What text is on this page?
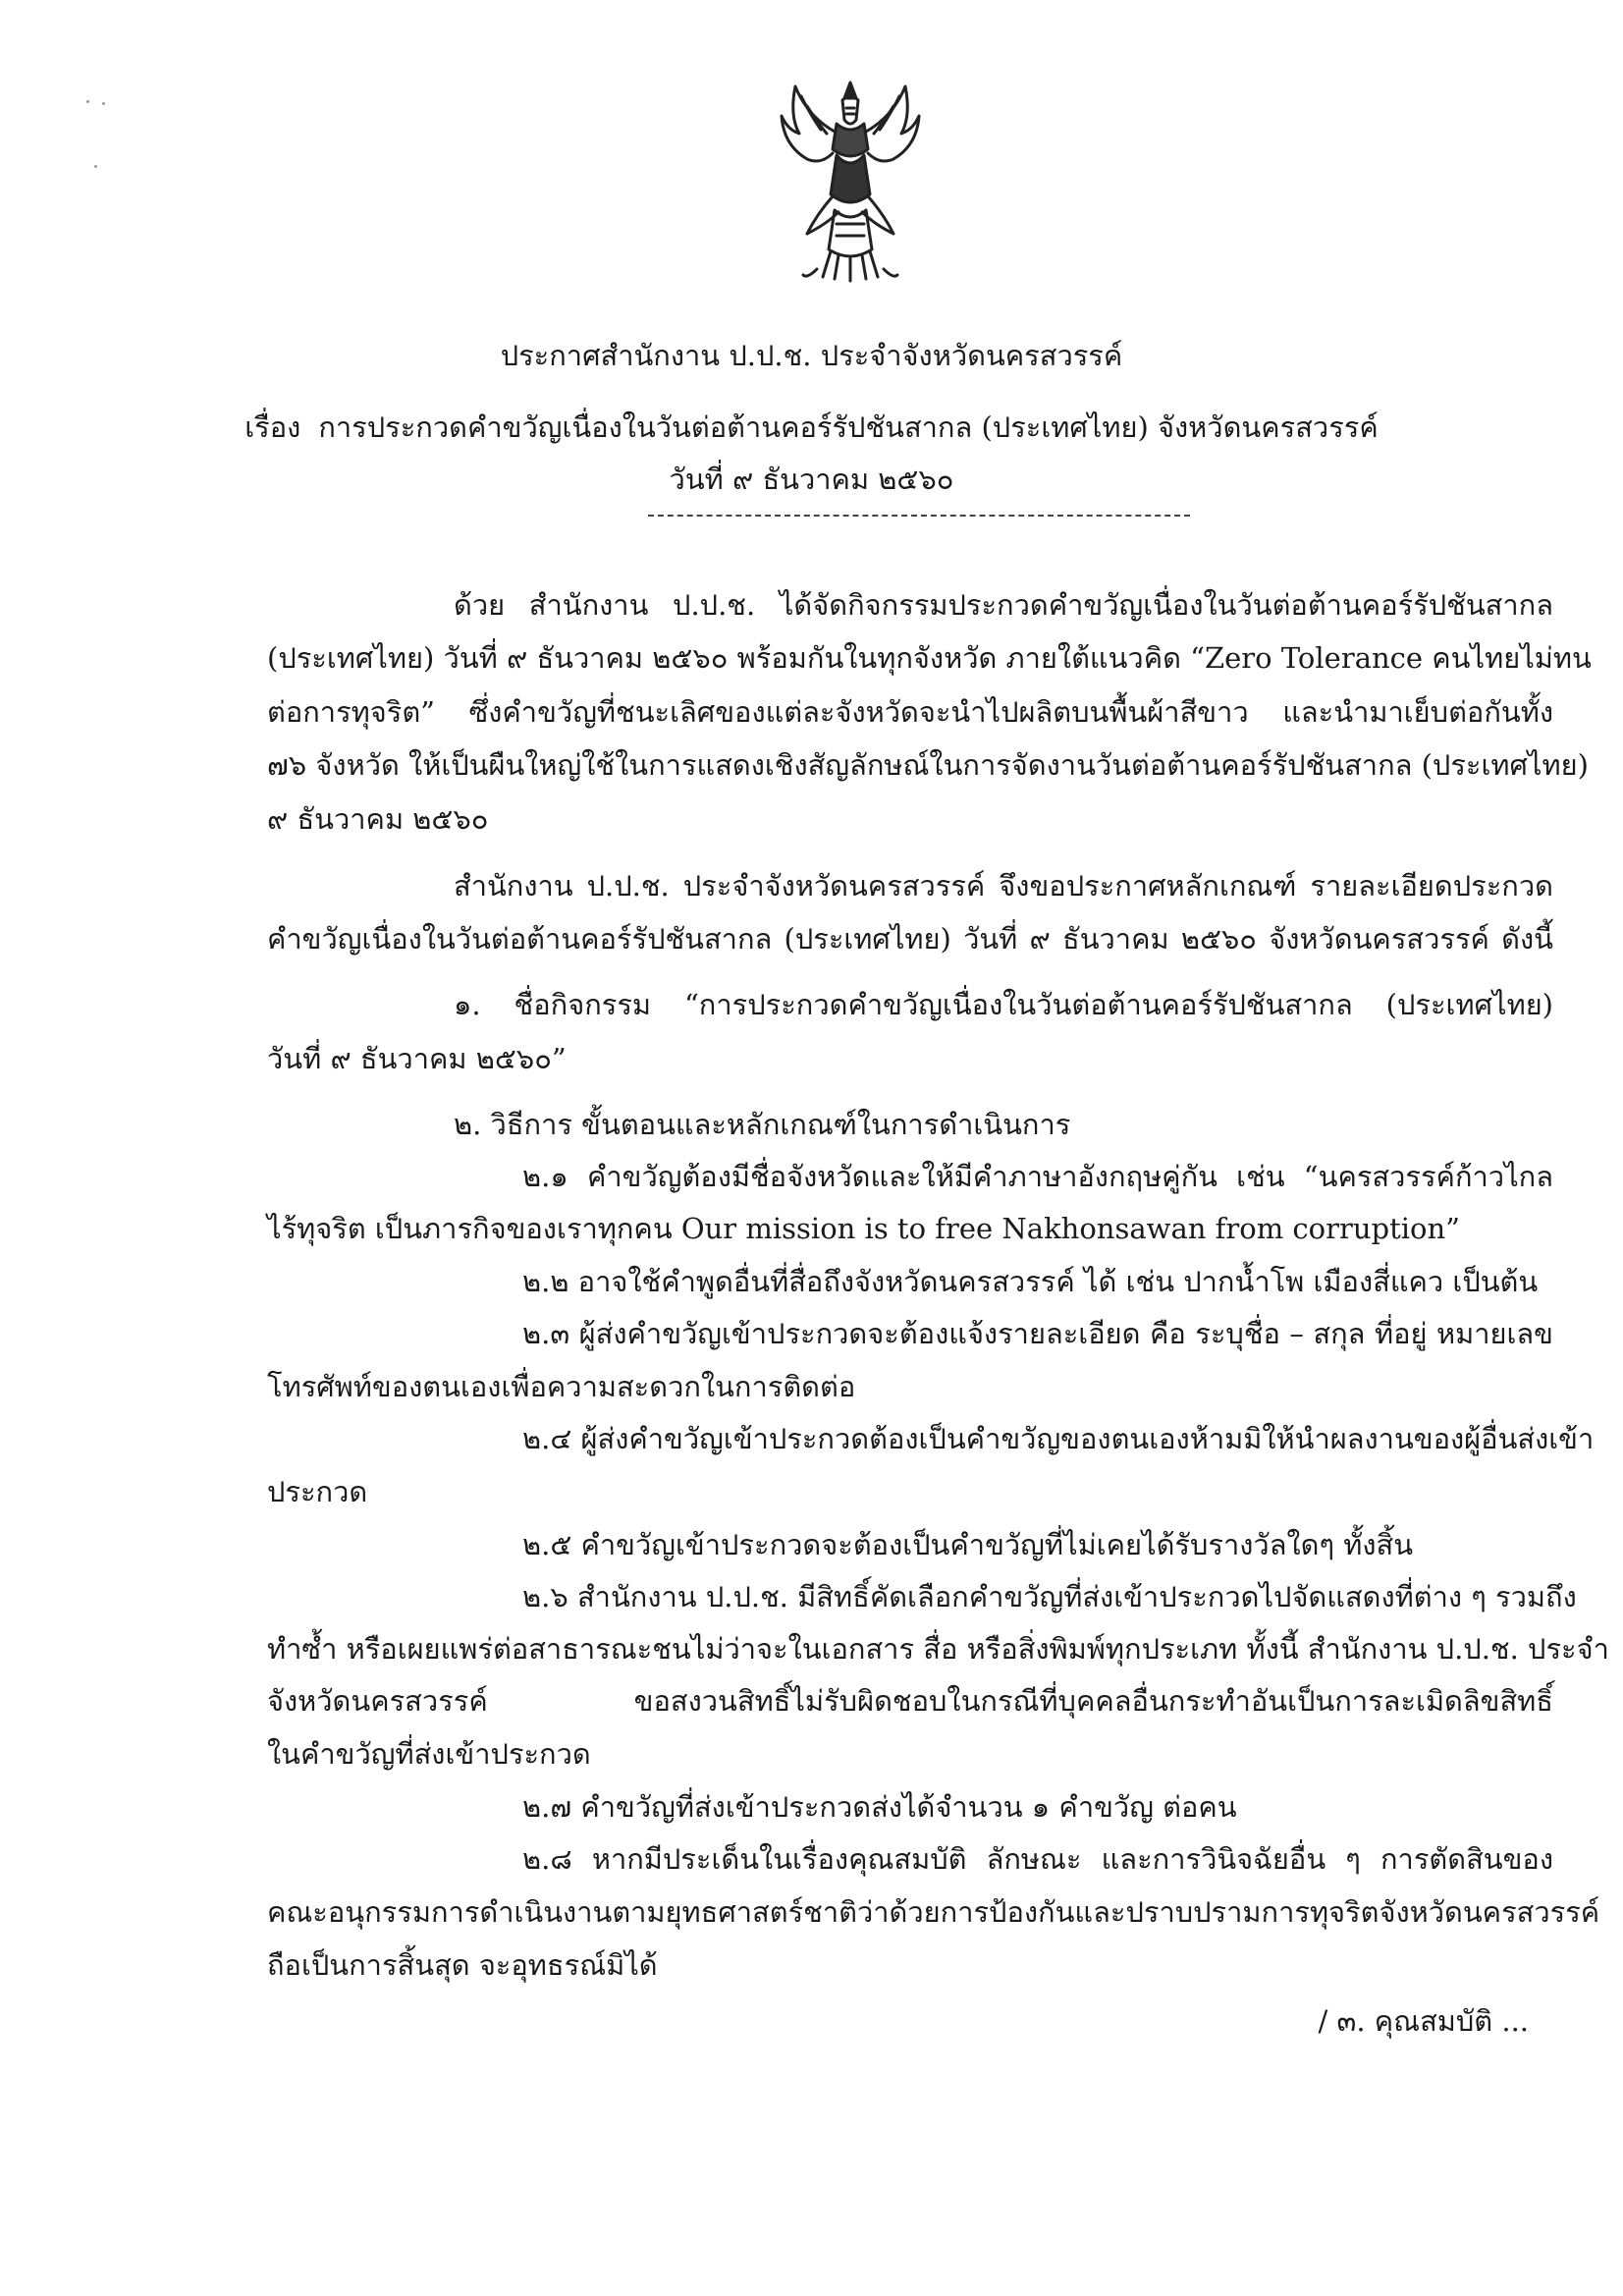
ประกาศสำนักงาน ป.ป.ช. ประจำจังหวัดนครสวรรค์
เรื่อง การประกวดคำขวัญเนื่องในวันต่อต้านคอร์รัปชันสากล (ประเทศไทย) จังหวัดนครสวรรค์
วันที่ ๙ ธันวาคม ๒๕๖๐
ด้วย สำนักงาน ป.ป.ช. ได้จัดกิจกรรมประกวดคำขวัญเนื่องในวันต่อต้านคอร์รัปชันสากล
(ประเทศไทย) วันที่ ๙ ธันวาคม ๒๕๖๐ พร้อมกันในทุกจังหวัด ภายใต้แนวคิด “Zero Tolerance คนไทยไม่ทน
ต่อการทุจริต” ซึ่งคำขวัญที่ชนะเลิศของแต่ละจังหวัดจะนำไปผลิตบนพื้นผ้าสีขาว และนำมาเย็บต่อกันทั้ง
๗๖ จังหวัด ให้เป็นผืนใหญ่ใช้ในการแสดงเชิงสัญลักษณ์ในการจัดงานวันต่อต้านคอร์รัปชันสากล (ประเทศไทย)
๙ ธันวาคม ๒๕๖๐
สำนักงาน ป.ป.ช. ประจำจังหวัดนครสวรรค์ จึงขอประกาศหลักเกณฑ์ รายละเอียดประกวด
คำขวัญเนื่องในวันต่อต้านคอร์รัปชันสากล (ประเทศไทย) วันที่ ๙ ธันวาคม ๒๕๖๐ จังหวัดนครสวรรค์ ดังนี้
๑. ชื่อกิจกรรม “การประกวดคำขวัญเนื่องในวันต่อต้านคอร์รัปชันสากล (ประเทศไทย)
วันที่ ๙ ธันวาคม ๒๕๖๐”
๒. วิธีการ ขั้นตอนและหลักเกณฑ์ในการดำเนินการ
๒.๑ คำขวัญต้องมีชื่อจังหวัดและให้มีคำภาษาอังกฤษคู่กัน เช่น “นครสวรรค์ก้าวไกล
ไร้ทุจริต เป็นภารกิจของเราทุกคน Our mission is to free Nakhonsawan from corruption”
๒.๒ อาจใช้คำพูดอื่นที่สื่อถึงจังหวัดนครสวรรค์ ได้ เช่น ปากน้ำโพ เมืองสี่แคว เป็นต้น
๒.๓ ผู้ส่งคำขวัญเข้าประกวดจะต้องแจ้งรายละเอียด คือ ระบุชื่อ – สกุล ที่อยู่ หมายเลข
โทรศัพท์ของตนเองเพื่อความสะดวกในการติดต่อ
๒.๔ ผู้ส่งคำขวัญเข้าประกวดต้องเป็นคำขวัญของตนเองห้ามมิให้นำผลงานของผู้อื่นส่งเข้า
ประกวด
๒.๕ คำขวัญเข้าประกวดจะต้องเป็นคำขวัญที่ไม่เคยได้รับรางวัลใดๆ ทั้งสิ้น
๒.๖ สำนักงาน ป.ป.ช. มีสิทธิ์คัดเลือกคำขวัญที่ส่งเข้าประกวดไปจัดแสดงที่ต่าง ๆ รวมถึง
ทำซ้ำ หรือเผยแพร่ต่อสาธารณะชนไม่ว่าจะในเอกสาร สื่อ หรือสิ่งพิมพ์ทุกประเภท ทั้งนี้ สำนักงาน ป.ป.ช. ประจำ
จังหวัดนครสวรรค์ ขอสงวนสิทธิ์ไม่รับผิดชอบในกรณีที่บุคคลอื่นกระทำอันเป็นการละเมิดลิขสิทธิ์
ในคำขวัญที่ส่งเข้าประกวด
๒.๗ คำขวัญที่ส่งเข้าประกวดส่งได้จำนวน ๑ คำขวัญ ต่อคน
๒.๘ หากมีประเด็นในเรื่องคุณสมบัติ ลักษณะ และการวินิจฉัยอื่น ๆ การตัดสินของ
คณะอนุกรรมการดำเนินงานตามยุทธศาสตร์ชาติว่าด้วยการป้องกันและปราบปรามการทุจริตจังหวัดนครสวรรค์
ถือเป็นการสิ้นสุด จะอุทธรณ์มิได้
/ ๓. คุณสมบัติ ...
